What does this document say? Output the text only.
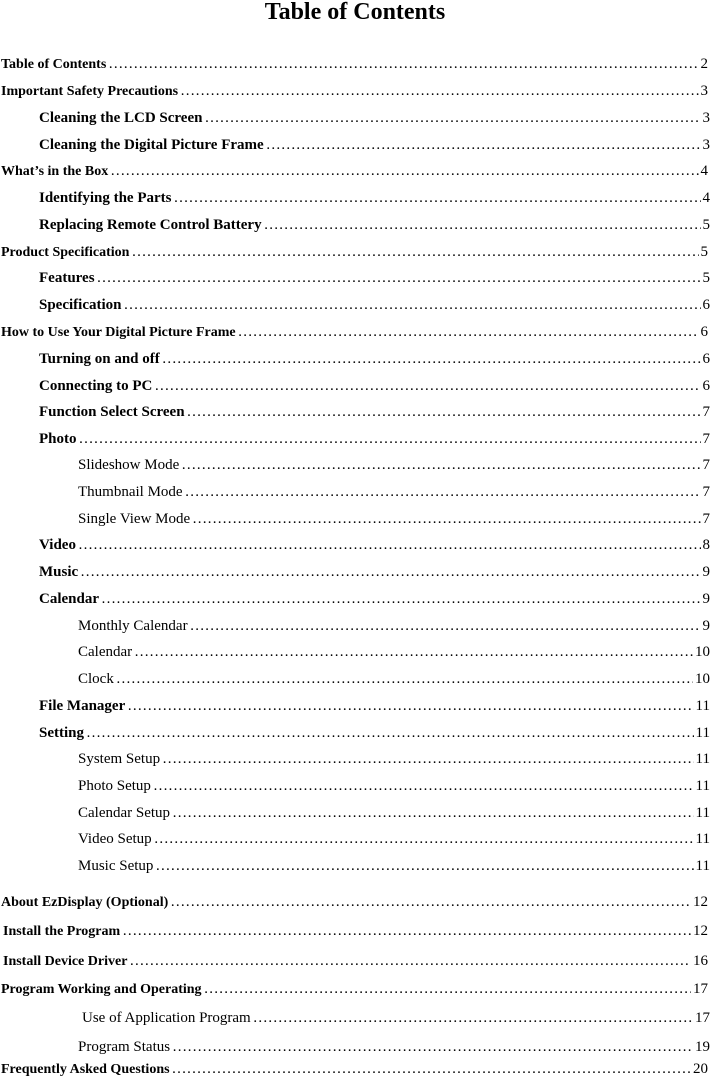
Table of Contents
Table of Contents ……………………………………………………………………………………………………………………………………………………………………………………………………………………………………………………………………………	2
Important Safety Precautions ……………………………………………………………………………………………………………………………………………………………………………………………………………………………………………………………………………	3
Cleaning the LCD Screen ……………………………………………………………………………………………………………………………………………………………………………………………………………………………………………………………………………	3
Cleaning the Digital Picture Frame ……………………………………………………………………………………………………………………………………………………………………………………………………………………………………………………………………………	3
What’s in the Box ……………………………………………………………………………………………………………………………………………………………………………………………………………………………………………………………………………	4
Identifying the Parts ……………………………………………………………………………………………………………………………………………………………………………………………………………………………………………………………………………	4
Replacing Remote Control Battery ……………………………………………………………………………………………………………………………………………………………………………………………………………………………………………………………………………	5
Product Specification ……………………………………………………………………………………………………………………………………………………………………………………………………………………………………………………………………………	5
Features ……………………………………………………………………………………………………………………………………………………………………………………………………………………………………………………………………………	5
Specification ……………………………………………………………………………………………………………………………………………………………………………………………………………………………………………………………………………	6
How to Use Your Digital Picture Frame ……………………………………………………………………………………………………………………………………………………………………………………………………………………………………………………………………………	6
Turning on and off ……………………………………………………………………………………………………………………………………………………………………………………………………………………………………………………………………………	6
Connecting to PC ……………………………………………………………………………………………………………………………………………………………………………………………………………………………………………………………………………	6
Function Select Screen ……………………………………………………………………………………………………………………………………………………………………………………………………………………………………………………………………………	7
Photo ……………………………………………………………………………………………………………………………………………………………………………………………………………………………………………………………………………	7
Slideshow Mode ……………………………………………………………………………………………………………………………………………………………………………………………………………………………………………………………………………	7
Thumbnail Mode ……………………………………………………………………………………………………………………………………………………………………………………………………………………………………………………………………………	7
Single View Mode ……………………………………………………………………………………………………………………………………………………………………………………………………………………………………………………………………………	7
Video ……………………………………………………………………………………………………………………………………………………………………………………………………………………………………………………………………………	8
Music ……………………………………………………………………………………………………………………………………………………………………………………………………………………………………………………………………………	9
Calendar ……………………………………………………………………………………………………………………………………………………………………………………………………………………………………………………………………………	9
Monthly Calendar ……………………………………………………………………………………………………………………………………………………………………………………………………………………………………………………………………………	9
Calendar ……………………………………………………………………………………………………………………………………………………………………………………………………………………………………………………………………………	10
Clock ……………………………………………………………………………………………………………………………………………………………………………………………………………………………………………………………………………	10
File Manager ……………………………………………………………………………………………………………………………………………………………………………………………………………………………………………………………………………	11
Setting ……………………………………………………………………………………………………………………………………………………………………………………………………………………………………………………………………………	11
System Setup ……………………………………………………………………………………………………………………………………………………………………………………………………………………………………………………………………………	11
Photo Setup ……………………………………………………………………………………………………………………………………………………………………………………………………………………………………………………………………………	11
Calendar Setup ……………………………………………………………………………………………………………………………………………………………………………………………………………………………………………………………………………	11
Video Setup ……………………………………………………………………………………………………………………………………………………………………………………………………………………………………………………………………………	11
Music Setup ……………………………………………………………………………………………………………………………………………………………………………………………………………………………………………………………………………	11
About EzDisplay (Optional) ……………………………………………………………………………………………………………………………………………………………………………………………………………………………………………………………………………	12
Install the Program ……………………………………………………………………………………………………………………………………………………………………………………………………………………………………………………………………………	12
Install Device Driver ……………………………………………………………………………………………………………………………………………………………………………………………………………………………………………………………………………	16
Program Working and Operating ……………………………………………………………………………………………………………………………………………………………………………………………………………………………………………………………………………	17
Use of Application Program ……………………………………………………………………………………………………………………………………………………………………………………………………………………………………………………………………………	17
Program Status ……………………………………………………………………………………………………………………………………………………………………………………………………………………………………………………………………………	19
Frequently Asked Questions ……………………………………………………………………………………………………………………………………………………………………………………………………………………………………………………………………………	20
